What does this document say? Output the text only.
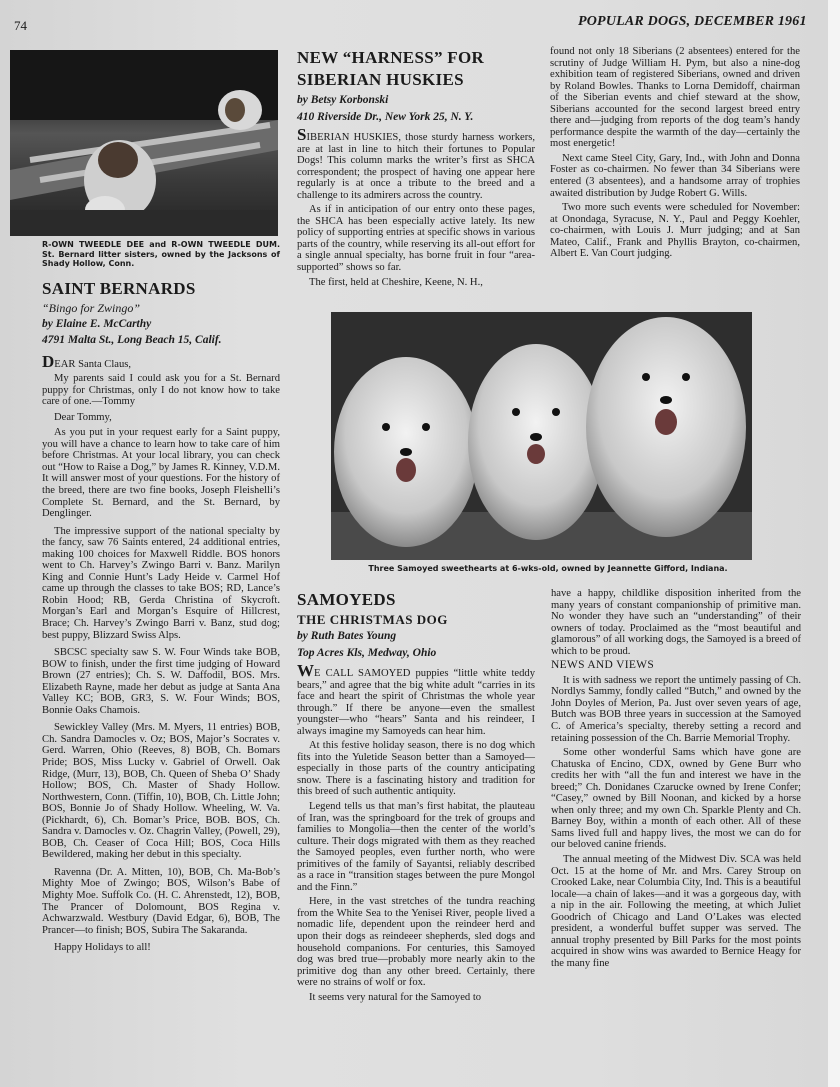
74	POPULAR DOGS, DECEMBER 1961
R-OWN TWEEDLE DEE and R-OWN TWEEDLE DUM. St. Bernard litter sisters, owned by the Jacksons of Shady Hollow, Conn.

SAINT BERNARDS

“Bingo for Zwingo”

by Elaine E. McCarthy

4791 Malta St., Long Beach 15, Calif.

DEAR Santa Claus,

My parents said I could ask you for a St. Bernard puppy for Christmas, only I do not know how to take care of one.—Tommy

Dear Tommy,

As you put in your request early for a Saint puppy, you will have a chance to learn how to take care of him before Christmas. At your local library, you can check out “How to Raise a Dog,” by James R. Kinney, V.D.M. It will answer most of your questions. For the history of the breed, there are two fine books, Joseph Fleishelli’s Complete St. Bernard, and the St. Bernard, by Denglinger.

The impressive support of the national specialty by the fancy, saw 76 Saints entered, 24 additional entries, making 100 choices for Maxwell Riddle. BOS honors went to Ch. Harvey’s Zwingo Barri v. Banz. Marilyn King and Connie Hunt’s Lady Heide v. Carmel Hof came up through the classes to take BOS; RD, Lance’s Robin Hood; RB, Gerda Christina of Skycroft. Morgan’s Earl and Morgan’s Esquire of Hillcrest, Brace; Ch. Harvey’s Zwingo Barri v. Banz, stud dog; best puppy, Blizzard Swiss Alps.

SBCSC specialty saw S. W. Four Winds take BOB, BOW to finish, under the first time judging of Howard Brown (27 entries); Ch. S. W. Daffodil, BOS. Mrs. Elizabeth Rayne, made her debut as judge at Santa Ana Valley KC; BOB, GR3, S. W. Four Winds; BOS, Bonnie Oaks Chamois.

Sewickley Valley (Mrs. M. Myers, 11 entries) BOB, Ch. Sandra Damocles v. Oz; BOS, Major’s Socrates v. Gerd. Warren, Ohio (Reeves, 8) BOB, Ch. Bomars Pride; BOS, Miss Lucky v. Gabriel of Orwell. Oak Ridge, (Murr, 13), BOB, Ch. Queen of Sheba O’ Shady Hollow; BOS, Ch. Master of Shady Hollow. Northwestern, Conn. (Tiffin, 10), BOB, Ch. Little John; BOS, Bonnie Jo of Shady Hollow. Wheeling, W. Va. (Pickhardt, 6), Ch. Bomar’s Price, BOB. BOS, Ch. Sandra v. Damocles v. Oz. Chagrin Valley, (Powell, 29), BOB, Ch. Ceaser of Coca Hill; BOS, Coca Hills Bewildered, making her debut in this specialty.

Ravenna (Dr. A. Mitten, 10), BOB, Ch. Ma-Bob’s Mighty Moe of Zwingo; BOS, Wilson’s Babe of Mighty Moe. Suffolk Co. (H. C. Ahrenstedt, 12), BOB, The Prancer of Dolomount, BOS Regina v. Achwarzwald. Westbury (David Edgar, 6), BOB, The Prancer—to finish; BOS, Subira The Sakaranda.

Happy Holidays to all!

NEW “HARNESS” FOR

SIBERIAN HUSKIES

by Betsy Korbonski

410 Riverside Dr., New York 25, N. Y.

SIBERIAN HUSKIES, those sturdy harness workers, are at last in line to hitch their fortunes to Popular Dogs! This column marks the writer’s first as SHCA correspondent; the prospect of having one appear here regularly is at once a tribute to the breed and a challenge to its admirers across the country.

As if in anticipation of our entry onto these pages, the SHCA has been especially active lately. Its new policy of supporting entries at specific shows in various parts of the country, while reserving its all-out effort for a single annual specialty, has borne fruit in four “area-supported” shows so far.

The first, held at Cheshire, Keene, N. H.,

found not only 18 Siberians (2 absentees) entered for the scrutiny of Judge William H. Pym, but also a nine-dog exhibition team of registered Siberians, owned and driven by Roland Bowles. Thanks to Lorna Demidoff, chairman of the Siberian events and chief steward at the show, Siberians accounted for the second largest breed entry there and—judging from reports of the dog team’s handy performance despite the warmth of the day—certainly the most energetic!

Next came Steel City, Gary, Ind., with John and Donna Foster as co-chairmen. No fewer than 34 Siberians were entered (3 absentees), and a handsome array of trophies awaited distribution by Judge Robert G. Wills.

Two more such events were scheduled for November: at Onondaga, Syracuse, N. Y., Paul and Peggy Koehler, co-chairmen, with Louis J. Murr judging; and at San Mateo, Calif., Frank and Phyllis Brayton, co-chairmen, Albert E. Van Court judging.

Three Samoyed sweethearts at 6-wks-old, owned by Jeannette Gifford, Indiana.

SAMOYEDS

THE CHRISTMAS DOG

by Ruth Bates Young

Top Acres Kls, Medway, Ohio

WE CALL SAMOYED puppies “little white teddy bears,” and agree that the big white adult “carries in its face and heart the spirit of Christmas the whole year through.” If there be anyone—even the smallest youngster—who “hears” Santa and his reindeer, I always imagine my Samoyeds can hear him.

At this festive holiday season, there is no dog which fits into the Yuletide Season better than a Samoyed—especially in those parts of the country anticipating snow. There is a fascinating history and tradition for this breed of such authentic antiquity.

Legend tells us that man’s first habitat, the plauteau of Iran, was the springboard for the trek of groups and families to Mongolia—then the center of the world’s culture. Their dogs migrated with them as they reached the Samoyed peoples, even further north, who were primitives of the family of Sayantsi, reliably described as a race in “transition stages between the pure Mongol and the Finn.”

Here, in the vast stretches of the tundra reaching from the White Sea to the Yenisei River, people lived a nomadic life, dependent upon the reindeer herd and upon their dogs as reindeeer shepherds, sled dogs and household companions. For centuries, this Samoyed dog was bred true—probably more nearly akin to the primitive dog than any other breed. Certainly, there were no strains of wolf or fox.

It seems very natural for the Samoyed to

have a happy, childlike disposition inherited from the many years of constant companionship of primitive man. No wonder they have such an “understanding” of their owners of today. Proclaimed as the “most beautiful and glamorous” of all working dogs, the Samoyed is a breed of which to be proud.

NEWS AND VIEWS

It is with sadness we report the untimely passing of Ch. Nordlys Sammy, fondly called “Butch,” and owned by the John Doyles of Merion, Pa. Just over seven years of age, Butch was BOB three years in succession at the Samoyed C. of America’s specialty, thereby setting a record and retaining possession of the Ch. Barrie Memorial Trophy.

Some other wonderful Sams which have gone are Chatuska of Encino, CDX, owned by Gene Burr who credits her with “all the fun and interest we have in the breed;” Ch. Donidanes Czarucke owned by Irene Confer; “Casey,” owned by Bill Noonan, and kicked by a horse when only three; and my own Ch. Sparkle Plenty and Ch. Barney Boy, within a month of each other. All of these Sams lived full and happy lives, the most we can do for our beloved canine friends.

The annual meeting of the Midwest Div. SCA was held Oct. 15 at the home of Mr. and Mrs. Carey Stroup on Crooked Lake, near Columbia City, Ind. This is a beautiful locale—a chain of lakes—and it was a gorgeous day, with a nip in the air. Following the meeting, at which Juliet Goodrich of Chicago and Land O’Lakes was elected president, a wonderful buffet supper was served. The annual trophy presented by Bill Parks for the most points acquired in show wins was awarded to Bernice Heagy for the many fine
